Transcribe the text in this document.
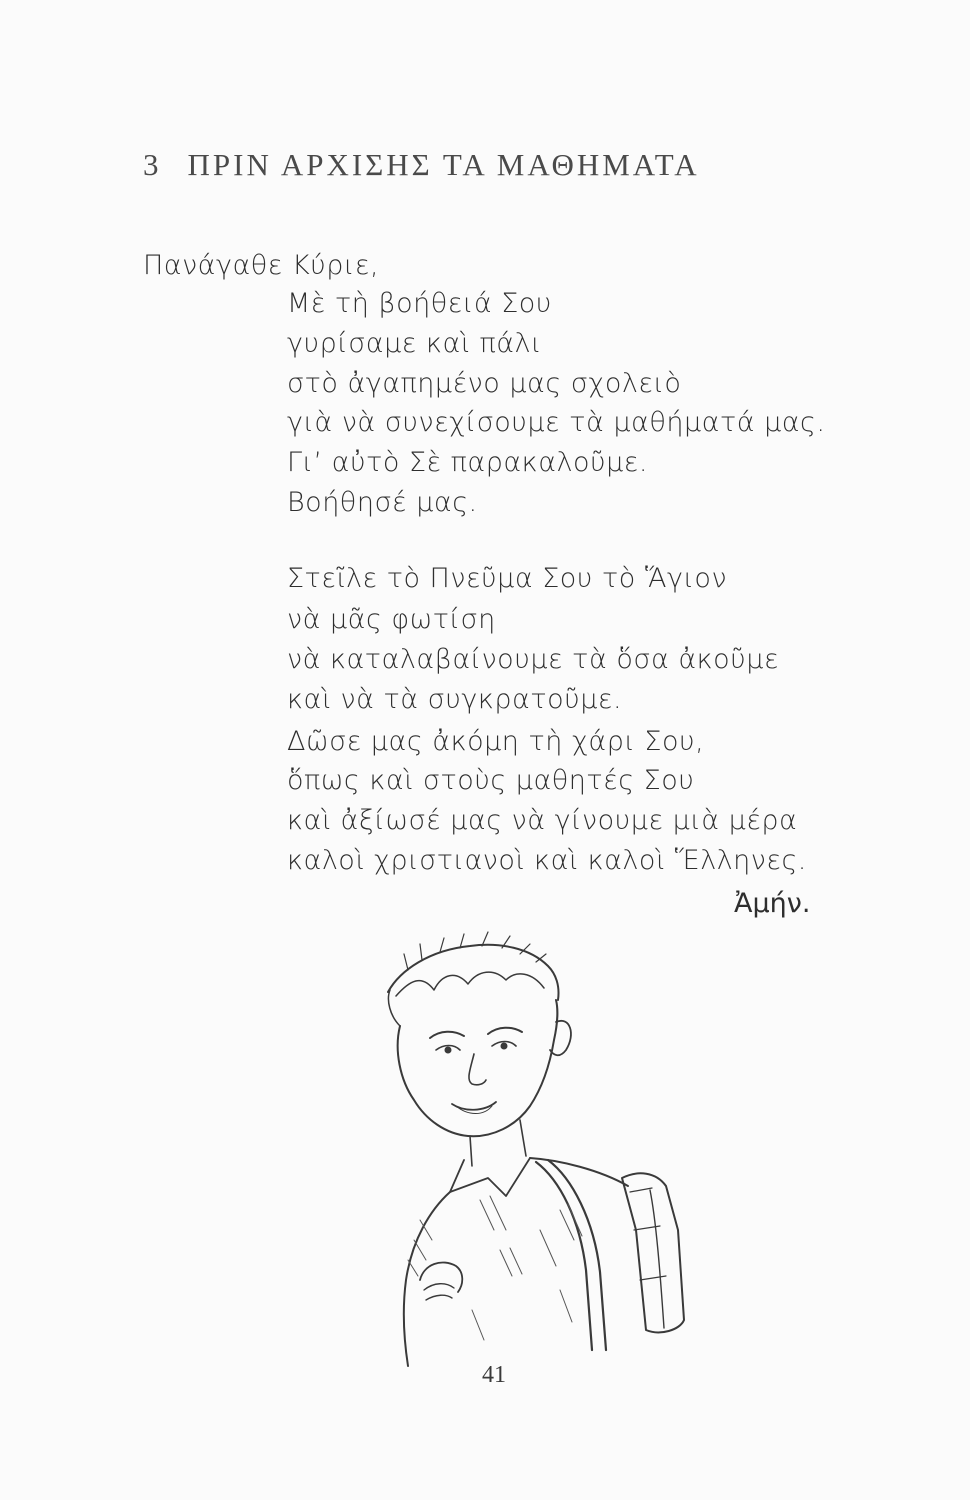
3 ΠΡΙΝ ΑΡΧΙΣΗΣ ΤΑ ΜΑΘΗΜΑΤΑ
Πανάγαθε Κύριε,
Μὲ τὴ βοήθειά Σου
γυρίσαμε καὶ πάλι
στὸ ἀγαπημένο μας σχολειὸ
γιὰ νὰ συνεχίσουμε τὰ μαθήματά μας.
Γι’ αὐτὸ Σὲ παρακαλοῦμε.
Βοήθησέ μας.
Στεῖλε τὸ Πνεῦμα Σου τὸ Ἅγιον
νὰ μᾶς φωτίση
νὰ καταλαβαίνουμε τὰ ὅσα ἀκοῦμε
καὶ νὰ τὰ συγκρατοῦμε.
Δῶσε μας ἀκόμη τὴ χάρι Σου,
ὅπως καὶ στοὺς μαθητές Σου
καὶ ἀξίωσέ μας νὰ γίνουμε μιὰ μέρα
καλοὶ χριστιανοὶ καὶ καλοὶ Ἕλληνες.
Ἀμήν.
41
